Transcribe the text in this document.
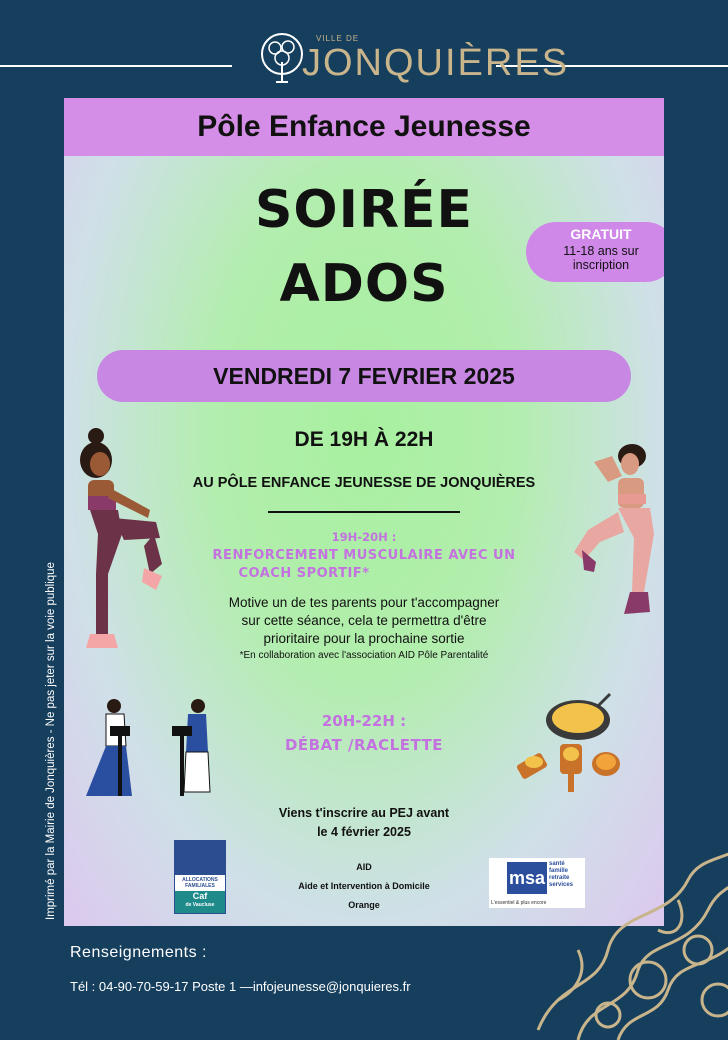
VILLE DE
JONQUIÈRES
Imprimé par la Mairie de Jonquières - Ne pas jeter sur la voie publique
Pôle Enfance Jeunesse
SOIRÉE
ADOS
GRATUIT
11-18 ans sur inscription
VENDREDI 7 FEVRIER 2025
DE 19H À 22H
AU PÔLE ENFANCE JEUNESSE DE JONQUIÈRES
19H-20H :
RENFORCEMENT MUSCULAIRE AVEC UN
COACH SPORTIF*
Motive un de tes parents pour t'accompagner
sur cette séance, cela te permettra d'être
prioritaire pour la prochaine sortie
*En collaboration avec l'association AID Pôle Parentalité
20H-22H :
DÉBAT /RACLETTE
Viens t'inscrire au PEJ avant
le 4 février 2025
ALLOCATIONS
FAMILIALES
Caf
de Vaucluse
AID
Aide et Intervention à Domicile
Orange
msa
santé
famille
retraite
services
L'essentiel & plus encore
Renseignements :
Tél : 04-90-70-59-17 Poste 1 —infojeunesse@jonquieres.fr
